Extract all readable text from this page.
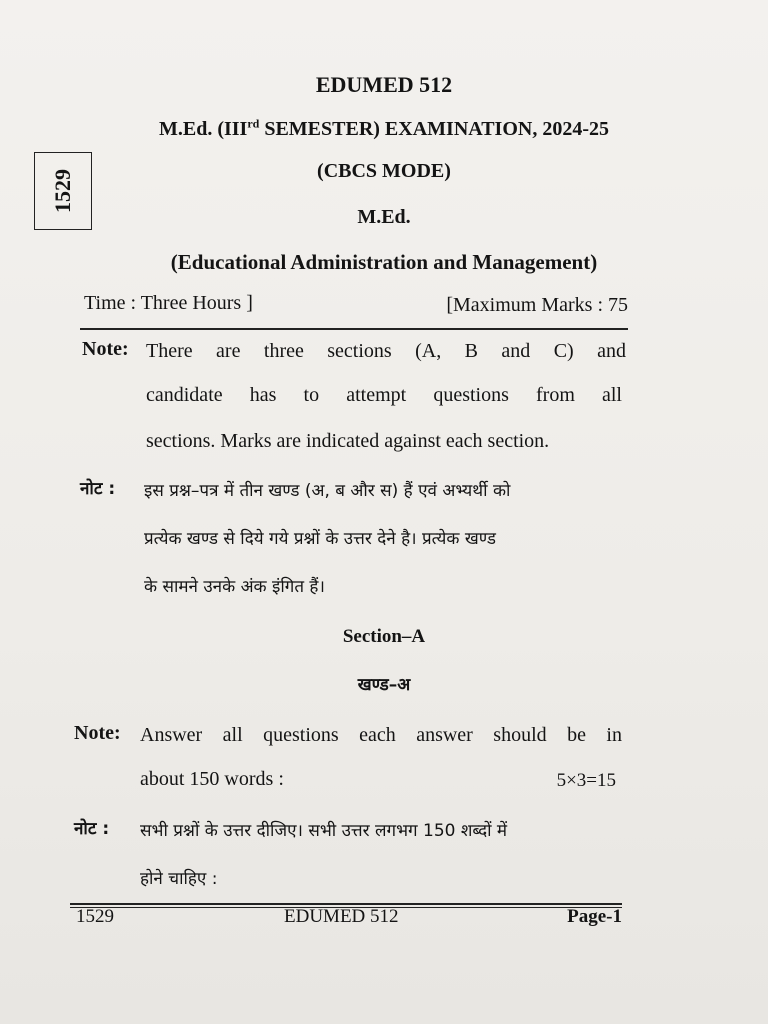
EDUMED 512
M.Ed. (IIIrd SEMESTER) EXAMINATION, 2024-25
1529	(CBCS MODE)
M.Ed.
(Educational Administration and Management)
Time : Three Hours ]	[Maximum Marks : 75
Note: There are three sections (A, B and C) and
candidate has to attempt questions from all
sections. Marks are indicated against each section.
नोट : इस प्रश्न–पत्र में तीन खण्ड (अ, ब और स) हैं एवं अभ्यर्थी को
प्रत्येक खण्ड से दिये गये प्रश्नों के उत्तर देने है। प्रत्येक खण्ड
के सामने उनके अंक इंगित हैं।
Section–A
खण्ड–अ
Note: Answer all questions each answer should be in
about 150 words :	5×3=15
नोट : सभी प्रश्नों के उत्तर दीजिए। सभी उत्तर लगभग 150 शब्दों में
होने चाहिए :
1529	EDUMED 512	Page-1
